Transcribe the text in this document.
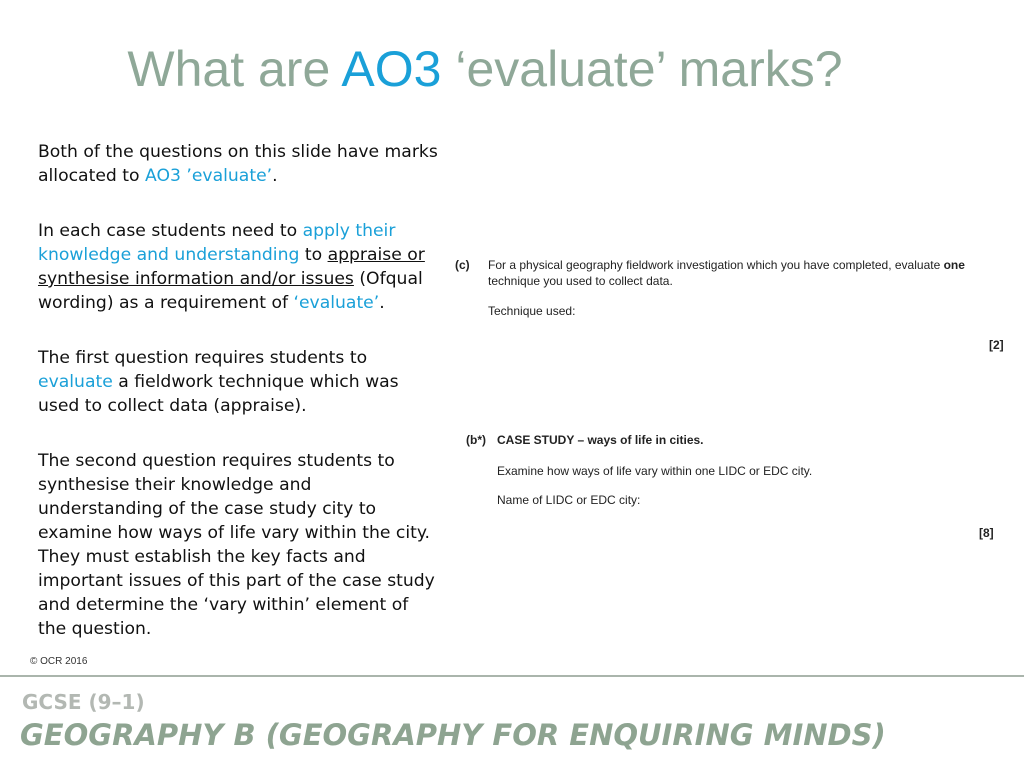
What are AO3 ‘evaluate’ marks?

Both of the questions on this slide have marks allocated to AO3 ’evaluate’.

In each case students need to apply their knowledge and understanding to appraise or synthesise information and/or issues (Ofqual wording) as a requirement of ‘evaluate’.

The first question requires students to evaluate a fieldwork technique which was used to collect data (appraise).

The second question requires students to synthesise their knowledge and understanding of the case study city to examine how ways of life vary within the city. They must establish the key facts and important issues of this part of the case study and determine the ‘vary within’ element of the question.

(c) For a physical geography fieldwork investigation which you have completed, evaluate one
technique you used to collect data.
Technique used:
[2]
(b*) CASE STUDY – ways of life in cities.
Examine how ways of life vary within one LIDC or EDC city.
Name of LIDC or EDC city:
[8]
© OCR 2016
GCSE (9–1)
GEOGRAPHY B (GEOGRAPHY FOR ENQUIRING MINDS)
